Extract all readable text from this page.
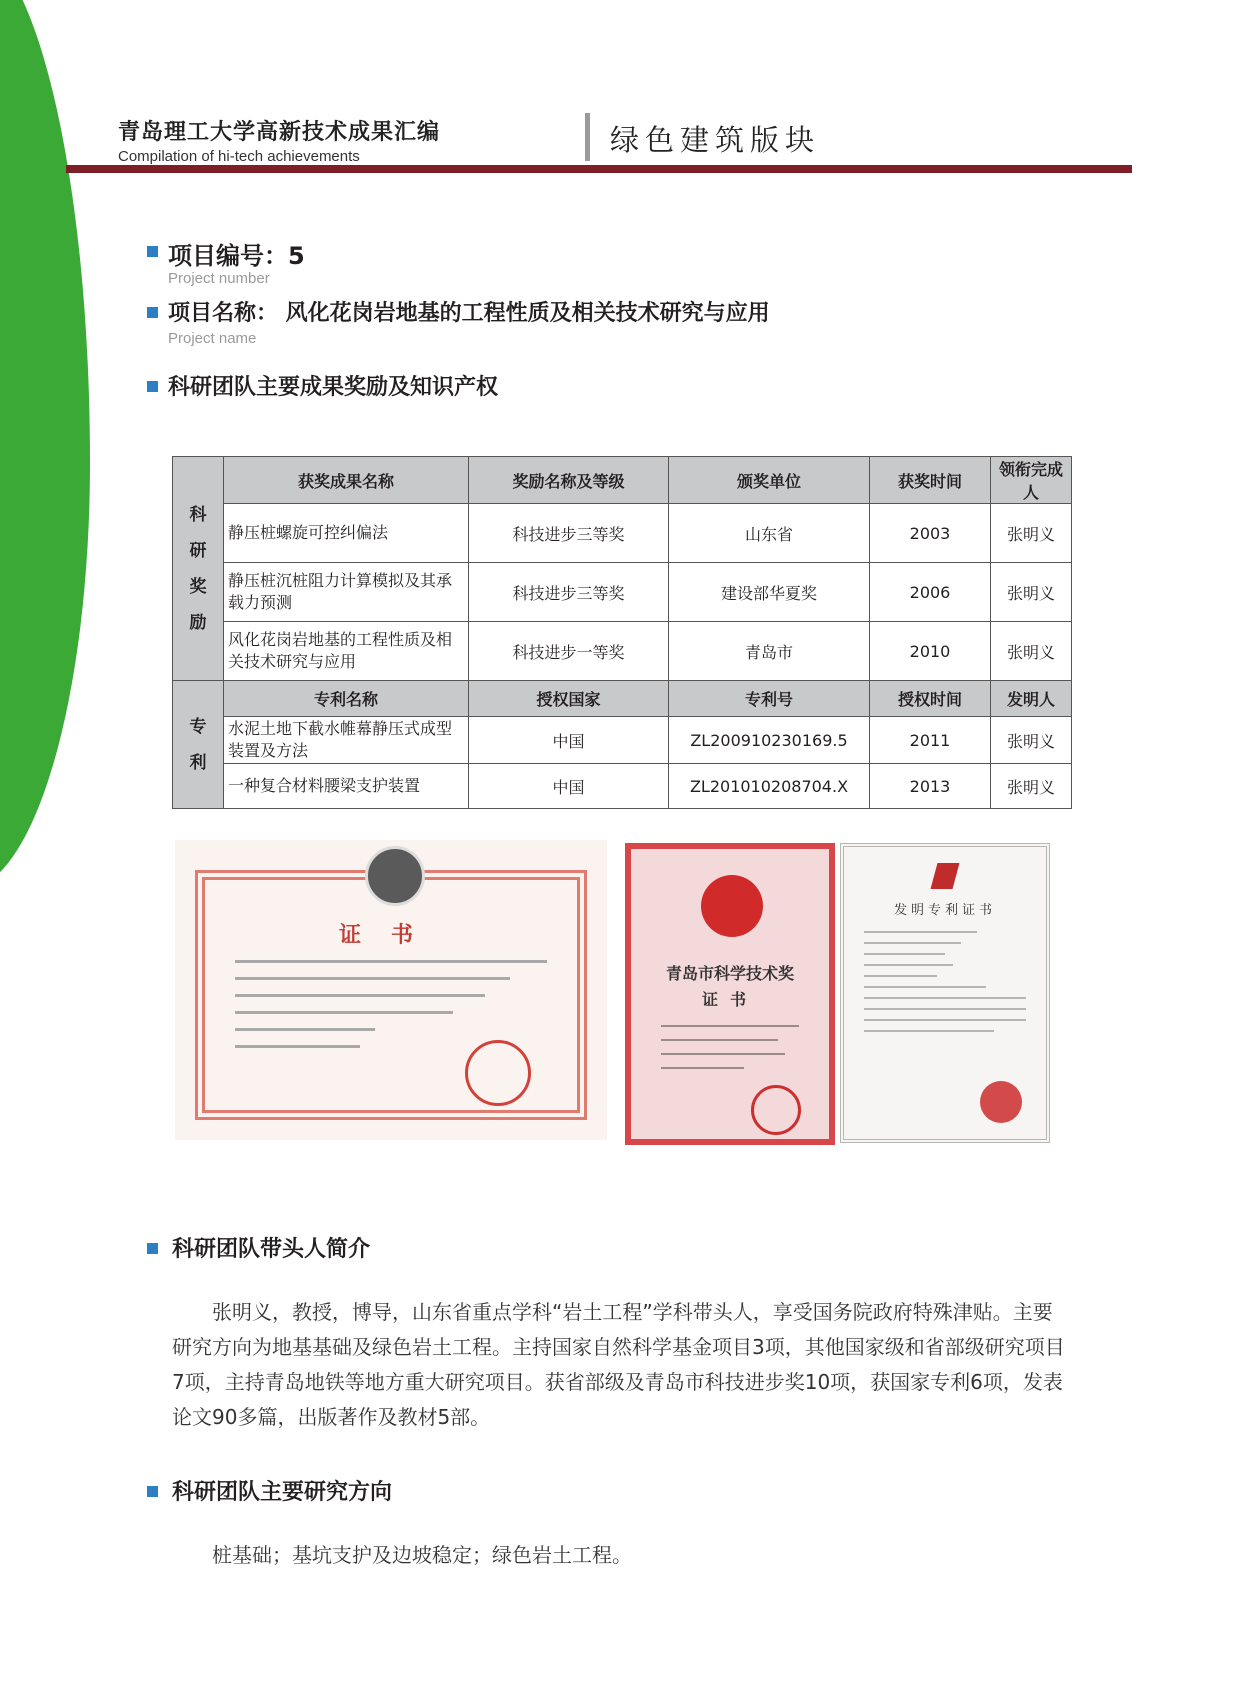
青岛理工大学高新技术成果汇编
Compilation of hi-tech achievements	绿色建筑版块
项目编号：5
Project number
项目名称： 风化花岗岩地基的工程性质及相关技术研究与应用
Project name
科研团队主要成果奖励及知识产权
科
研
奖
励	获奖成果名称	奖励名称及等级	颁奖单位	获奖时间	领衔完成人
	静压桩螺旋可控纠偏法	科技进步三等奖	山东省	2003	张明义
	静压桩沉桩阻力计算模拟及其承载力预测	科技进步三等奖	建设部华夏奖	2006	张明义
	风化花岗岩地基的工程性质及相关技术研究与应用	科技进步一等奖	青岛市	2010	张明义

专
利	专利名称	授权国家	专利号	授权时间	发明人
	水泥土地下截水帷幕静压式成型装置及方法	中国	ZL200910230169.5	2011	张明义
	一种复合材料腰梁支护装置	中国	ZL201010208704.X	2013	张明义
证书
青岛市科学技术奖
证书
发明专利证书
科研团队带头人简介
张明义，教授，博导，山东省重点学科“岩土工程”学科带头人，享受国务院政府特殊津贴。主要研究方向为地基基础及绿色岩土工程。主持国家自然科学基金项目3项，其他国家级和省部级研究项目7项，主持青岛地铁等地方重大研究项目。获省部级及青岛市科技进步奖10项，获国家专利6项，发表论文90多篇，出版著作及教材5部。
科研团队主要研究方向
桩基础；基坑支护及边坡稳定；绿色岩土工程。
